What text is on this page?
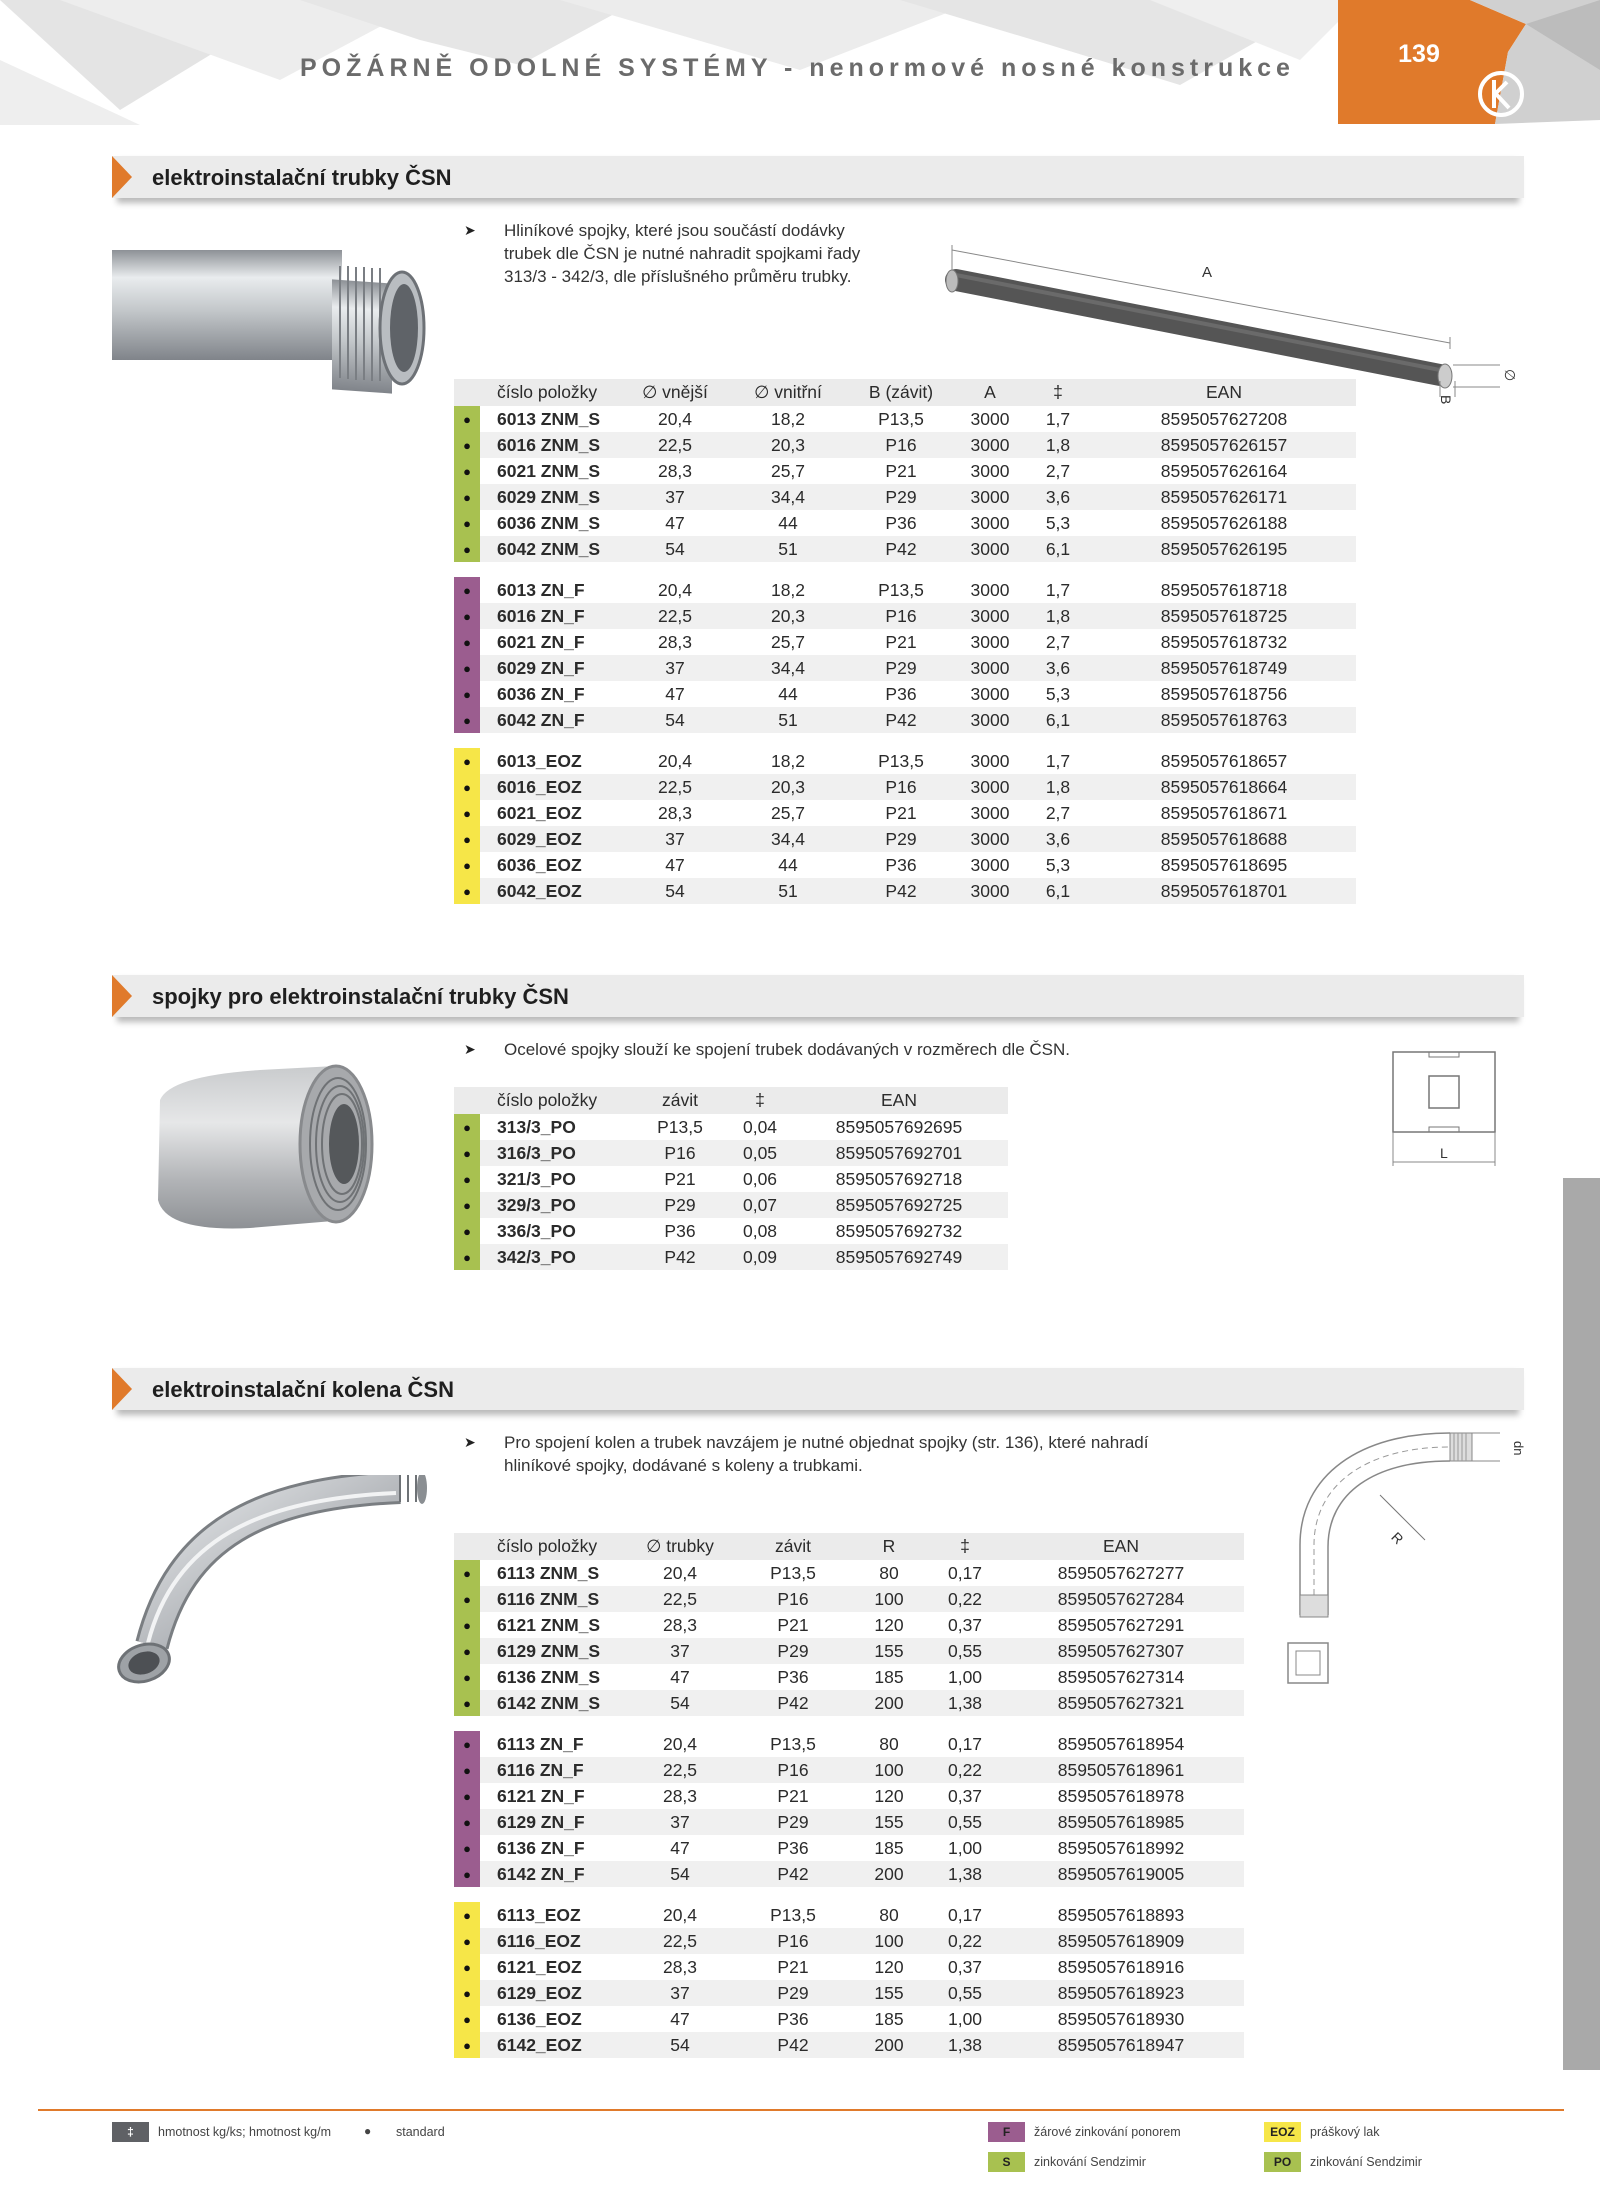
POŽÁRNĚ ODOLNÉ SYSTÉMY - nenormové nosné konstrukce	139
elektroinstalační trubky ČSN
➤ Hliníkové spojky, které jsou součástí dodávky
trubek dle ČSN je nutné nahradit spojkami řady
313/3 - 342/3, dle příslušného průměru trubky.	A
∅
B
	číslo položky	∅ vnější	∅ vnitřní	B (závit)	A	‡	EAN
●	6013 ZNM_S	20,4	18,2	P13,5	3000	1,7	8595057627208
●	6016 ZNM_S	22,5	20,3	P16	3000	1,8	8595057626157
●	6021 ZNM_S	28,3	25,7	P21	3000	2,7	8595057626164
●	6029 ZNM_S	37	34,4	P29	3000	3,6	8595057626171
●	6036 ZNM_S	47	44	P36	3000	5,3	8595057626188
●	6042 ZNM_S	54	51	P42	3000	6,1	8595057626195

●	6013 ZN_F	20,4	18,2	P13,5	3000	1,7	8595057618718
●	6016 ZN_F	22,5	20,3	P16	3000	1,8	8595057618725
●	6021 ZN_F	28,3	25,7	P21	3000	2,7	8595057618732
●	6029 ZN_F	37	34,4	P29	3000	3,6	8595057618749
●	6036 ZN_F	47	44	P36	3000	5,3	8595057618756
●	6042 ZN_F	54	51	P42	3000	6,1	8595057618763

●	6013_EOZ	20,4	18,2	P13,5	3000	1,7	8595057618657
●	6016_EOZ	22,5	20,3	P16	3000	1,8	8595057618664
●	6021_EOZ	28,3	25,7	P21	3000	2,7	8595057618671
●	6029_EOZ	37	34,4	P29	3000	3,6	8595057618688
●	6036_EOZ	47	44	P36	3000	5,3	8595057618695
●	6042_EOZ	54	51	P42	3000	6,1	8595057618701
spojky pro elektroinstalační trubky ČSN
➤ Ocelové spojky slouží ke spojení trubek dodávaných v rozměrech dle ČSN.
L
	číslo položky	závit	‡	EAN
●	313/3_PO	P13,5	0,04	8595057692695
●	316/3_PO	P16	0,05	8595057692701
●	321/3_PO	P21	0,06	8595057692718
●	329/3_PO	P29	0,07	8595057692725
●	336/3_PO	P36	0,08	8595057692732
●	342/3_PO	P42	0,09	8595057692749
elektroinstalační kolena ČSN
➤ Pro spojení kolen a trubek navzájem je nutné objednat spojky (str. 136), které nahradí
hliníkové spojky, dodávané s koleny a trubkami.
dn
R
	číslo položky	∅ trubky	závit	R	‡	EAN
●	6113 ZNM_S	20,4	P13,5	80	0,17	8595057627277
●	6116 ZNM_S	22,5	P16	100	0,22	8595057627284
●	6121 ZNM_S	28,3	P21	120	0,37	8595057627291
●	6129 ZNM_S	37	P29	155	0,55	8595057627307
●	6136 ZNM_S	47	P36	185	1,00	8595057627314
●	6142 ZNM_S	54	P42	200	1,38	8595057627321

●	6113 ZN_F	20,4	P13,5	80	0,17	8595057618954
●	6116 ZN_F	22,5	P16	100	0,22	8595057618961
●	6121 ZN_F	28,3	P21	120	0,37	8595057618978
●	6129 ZN_F	37	P29	155	0,55	8595057618985
●	6136 ZN_F	47	P36	185	1,00	8595057618992
●	6142 ZN_F	54	P42	200	1,38	8595057619005

●	6113_EOZ	20,4	P13,5	80	0,17	8595057618893
●	6116_EOZ	22,5	P16	100	0,22	8595057618909
●	6121_EOZ	28,3	P21	120	0,37	8595057618916
●	6129_EOZ	37	P29	155	0,55	8595057618923
●	6136_EOZ	47	P36	185	1,00	8595057618930
●	6142_EOZ	54	P42	200	1,38	8595057618947
‡	hmotnost kg/ks; hmotnost kg/m	● standard	F	žárové zinkování ponorem
S	zinkování Sendzimir
EOZ	práškový lak
PO	zinkování Sendzimir
